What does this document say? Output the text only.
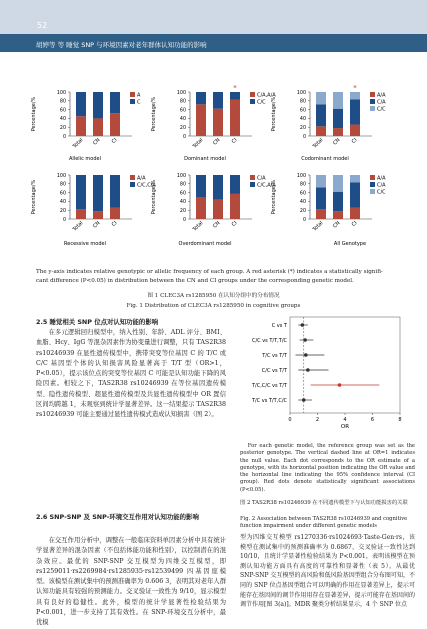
52
胡婷等 等 睡觉 SNP 与环境因素对老年群体认知功能的影响
Percentage/%
100
80
60
40
20
0 Total CN CI
A
C
Allelic model
Percentage/%
100
80
60
40
20
0 Total CN CI
*
C/A,A/A
C/C
Dominant model
Percentage/%
100
80
60
40
20
0 Total CN CI
*
A/A
C/A
C/C
Codominant model
Percentage/%
100
80
60
40
20
0 Total CN CI
A/A
C/C,C/A
Recessive model
Percentage/%
100
80
60
40
20
0 Total CN CI
C/A
C/C,A/A
Overdominant model
Percentage/%
100
80
60
40
20
0 Total CN CI
A/A
C/A
C/C
All Genotype
The y-axis indicates relative genotypic or allelic frequency of each group. A red asterisk (*) indicates a statistically signifi-
cant difference (P<0.05) in distribution between the CN and CI groups under the corresponding genetic model.
图 1 CLEC3A rs1285950 在认知分组中的分布情况
Fig. 1 Distribution of CLEC3A rs1285950 in cognitive groups
2.5 睡觉相关 SNP 位点对认知功能的影响

在多元逻辑回归模型中，纳入性别、年龄、ADL 评分、BMI、血脂、Hcy、IgG 等混杂因素作为协变量进行调整，只有 TAS2R38 rs10246939 在显性遗传模型中，携带突变等位基因 C 的 T/C 或 C/C 基因型个体的认知损害风险显著高于 T/T 型（OR>1，P<0.05），提示该位点的突变等位基因 C 可能是认知功能下降的风险因素。相较之下，TAS2R38 rs10246939 在等位基因遗传模型、隐性遗传模型、超显性遗传模型及共显性遗传模型中 OR 置信区间均跨越 1，未观察到统计学显著差异。这一结果提示 TAS2R38 rs10246939 可能主要通过显性遗传模式造成认知损害（图 2）。

2.6 SNP-SNP 及 SNP-环境交互作用对认知功能的影响

在交互作用分析中，调整在一般临床资料单因素分析中具有统计学显著差异的混杂因素（不包括体能功能和性别），以控制潜在的混杂效应。最优的 SNP-SNP 交互模型为四维交互模型，即 rs1259011·rs2269984·rs1285935·rs12539499 四基因座模型。该模型在测试集中的预测准确率为 0.606 3，表明其对老年人群认知功能具有较强的预测能力。交叉验证一致性为 9/10，显示模型具有良好的稳健性。此外，模型的统计学显著性检验结果为 P<0.001，进一步支持了其有效性。在 SNP-环境交互分析中，最优模

C vs T
C/C vs T/T,T/C
T/C vs T/T
C/C vs T/T
T/C,C/C vs T/T
T/C vs T/T,C/C
0	2	4	6	8
OR
For each genetic model, the reference group was set as the posterior genotype. The vertical dashed line at OR=1 indicates the null value. Each dot corresponds to the OR estimate of a genotype, with its horizontal position indicating the OR value and the horizontal line indicating the 95% confidence interval (CI group). Red dots denote statistically significant associations (P<0.05).
图 2 TAS2R38 rs10246939 在不同遗传模型下与认知功能损害的关联
Fig. 2 Association between TAS2R38 rs10246939 and cognitive function impairment under different genetic models

型为四维交互模型 rs1270336·rs1024693·Taste-Gen·rs，该模型在测试集中的预测准确率为 0.6867，交叉验证一致性达到 10/10，且统计学显著性检验结果为 P<0.001，表明该模型在预测认知功能方面具有高度的可靠性和显著性（表 5）。从最优 SNP-SNP 交互模型的高风险和低风险基因型组合分布图可知，不同的 SNP 位点基因型组合可以明确的作用在显著差异上，提示可能存在基因间的调节作用用存在显著差异，提示可能存在基因间的调节作用[图 3(a)]。MDR 聚类分析结果显示，4 个 SNP 位点
